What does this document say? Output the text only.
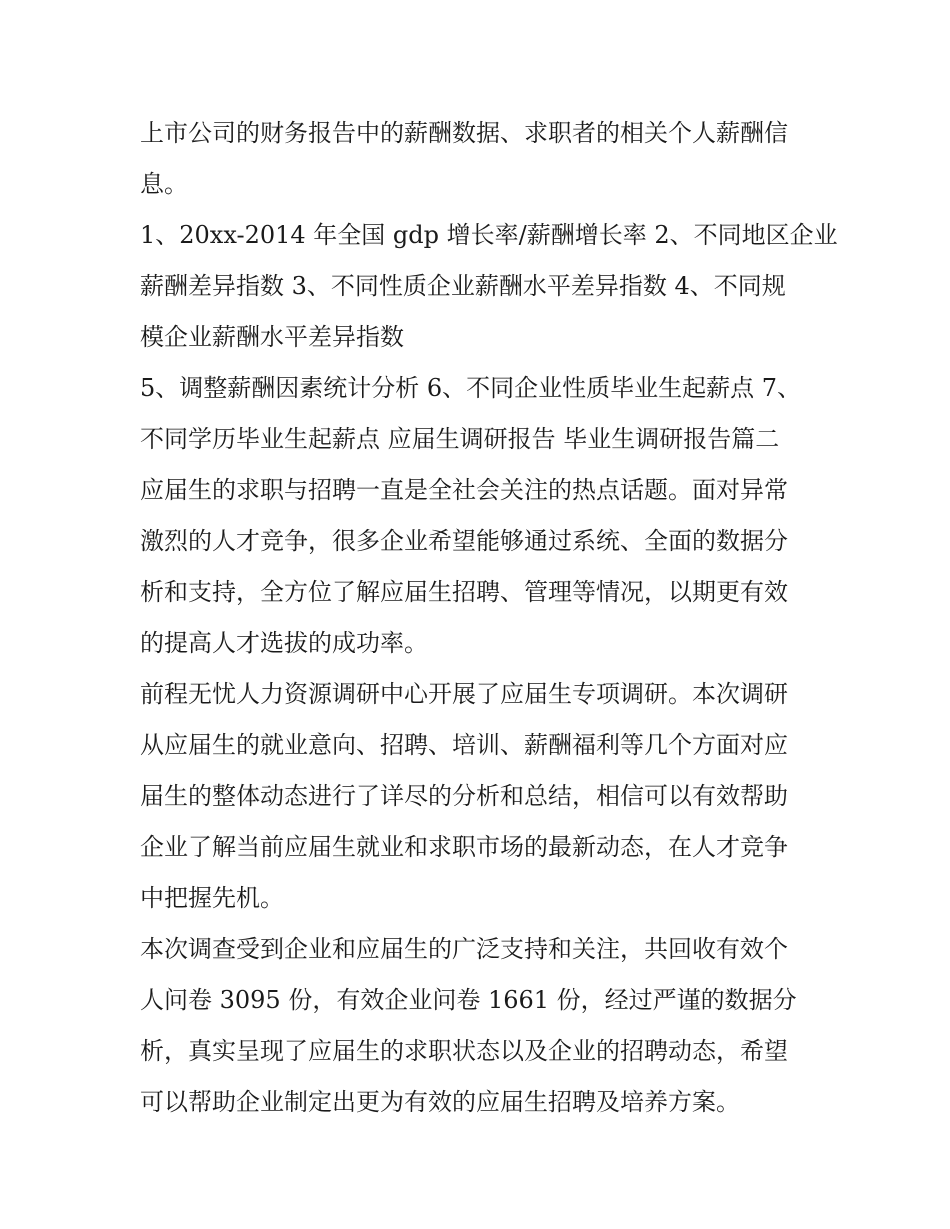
上市公司的财务报告中的薪酬数据、求职者的相关个人薪酬信
息。
1、20xx-2014 年全国 gdp 增长率/薪酬增长率 2、不同地区企业
薪酬差异指数 3、不同性质企业薪酬水平差异指数 4、不同规
模企业薪酬水平差异指数
5、调整薪酬因素统计分析 6、不同企业性质毕业生起薪点 7、
不同学历毕业生起薪点 应届生调研报告 毕业生调研报告篇二
应届生的求职与招聘一直是全社会关注的热点话题。面对异常
激烈的人才竞争，很多企业希望能够通过系统、全面的数据分
析和支持，全方位了解应届生招聘、管理等情况，以期更有效
的提高人才选拔的成功率。
前程无忧人力资源调研中心开展了应届生专项调研。本次调研
从应届生的就业意向、招聘、培训、薪酬福利等几个方面对应
届生的整体动态进行了详尽的分析和总结，相信可以有效帮助
企业了解当前应届生就业和求职市场的最新动态，在人才竞争
中把握先机。
本次调查受到企业和应届生的广泛支持和关注，共回收有效个
人问卷 3095 份，有效企业问卷 1661 份，经过严谨的数据分
析，真实呈现了应届生的求职状态以及企业的招聘动态，希望
可以帮助企业制定出更为有效的应届生招聘及培养方案。
